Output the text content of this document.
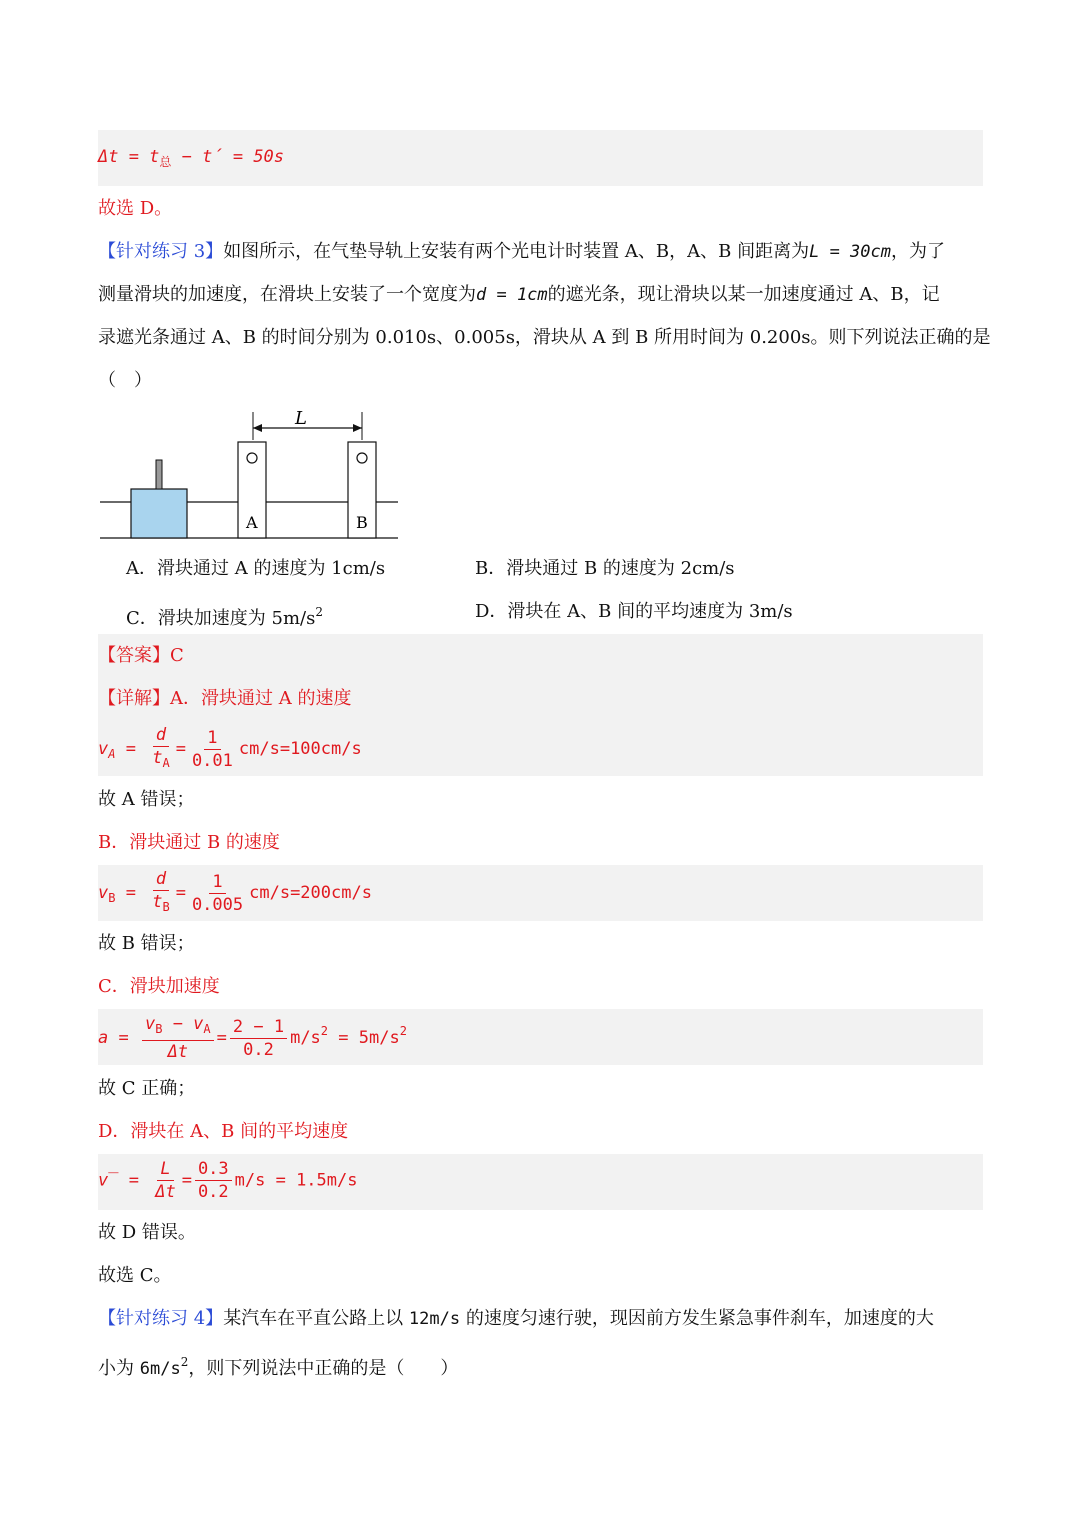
$\Delta t = t_总$ − t´ = 50s
故选 D。
【针对练习 3】如图所示，在气垫导轨上安装有两个光电计时装置 A、B，A、B 间距离为L = 30cm，为了
测量滑块的加速度，在滑块上安装了一个宽度为d = 1cm的遮光条，现让滑块以某一加速度通过 A、B，记
录遮光条通过 A、B 的时间分别为 0.010s、0.005s，滑块从 A 到 B 所用时间为 0.200s。则下列说法正确的是
（　）
L
A	B
A．滑块通过 A 的速度为 1cm/s	B．滑块通过 B 的速度为 2cm/s
C．滑块加速度为 $5m/s^2$	D．滑块在 A、B 间的平均速度为 3m/s
【答案】C
【详解】A．滑块通过 A 的速度
$v_A = \frac{d}{t_A} = \frac{1}{0.01} cm/s=100cm/s$
故 A 错误；
B．滑块通过 B 的速度
$v_B = \frac{d}{t_B} = \frac{1}{0.005} cm/s=200cm/s$
故 B 错误；
C．滑块加速度
$a = \frac{v_B - v_A}{\Delta t} = \frac{2 - 1}{0.2} m/s^2 = 5m/s^2$
故 C 正确；
D．滑块在 A、B 间的平均速度
v̅ = $\frac{L}{\Delta t} = \frac{0.3}{0.2} m/s = 1.5m/s$
故 D 错误。
故选 C。
【针对练习 4】某汽车在平直公路上以 12m/s 的速度匀速行驶，现因前方发生紧急事件刹车，加速度的大
小为 $6m/s^2$，则下列说法中正确的是（　　）
